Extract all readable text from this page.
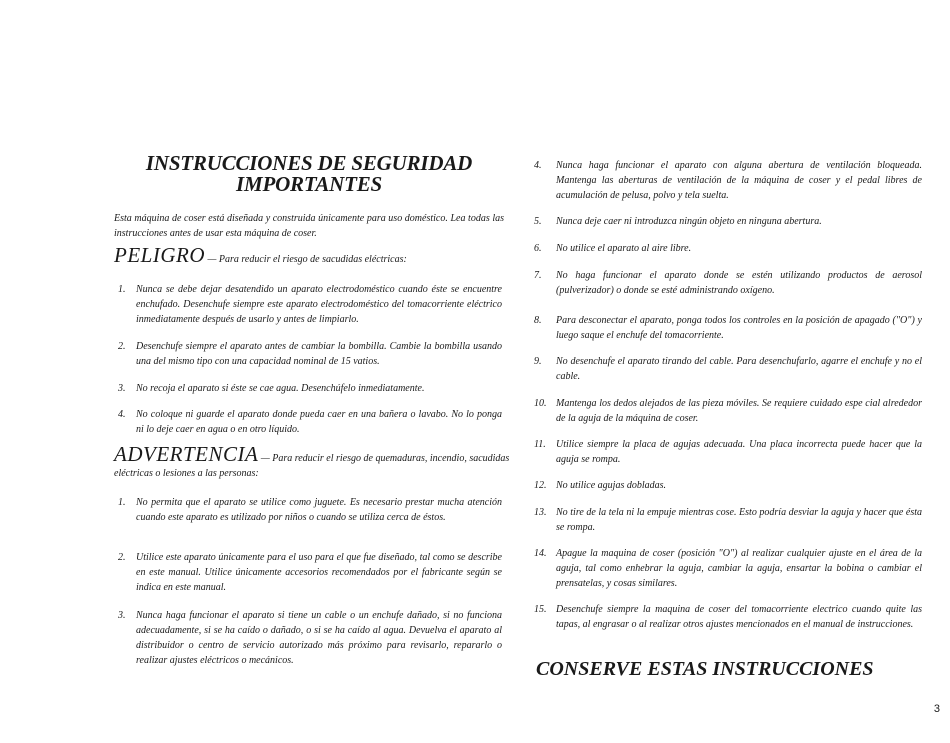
INSTRUCCIONES DE SEGURIDAD
IMPORTANTES
Esta máquina de coser está diseñada y construida únicamente para uso doméstico. Lea todas las instrucciones antes de usar esta máquina de coser.
PELIGRO — Para reducir el riesgo de sacudidas eléctricas:
1.	Nunca se debe dejar desatendido un aparato electrodoméstico cuando éste se encuentre enchufado. Desenchufe siempre este aparato electrodoméstico del tomacorriente eléctrico inmediatamente después de usarlo y antes de limpiarlo.
2.	Desenchufe siempre el aparato antes de cambiar la bombilla. Cambie la bombilla usando una del mismo tipo con una capacidad nominal de 15 vatios.
3.	No recoja el aparato si éste se cae agua. Desenchúfelo inmediatamente.
4.	No coloque ni guarde el aparato donde pueda caer en una bañera o lavabo. No lo ponga ni lo deje caer en agua o en otro líquido.
ADVERTENCIA — Para reducir el riesgo de quemaduras, incendio, sacudidas eléctricas o lesiones a las personas:
1.	No permita que el aparato se utilice como juguete. Es necesario prestar mucha atención cuando este aparato es utilizado por niños o cuando se utiliza cerca de éstos.
2.	Utilice este aparato únicamente para el uso para el que fue diseñado, tal como se describe en este manual. Utilice únicamente accesorios recomendados por el fabricante según se indica en este manual.
3.	Nunca haga funcionar el aparato si tiene un cable o un enchufe dañado, si no funciona adecuadamente, si se ha caído o dañado, o si se ha caído al agua. Devuelva el aparato al distribuidor o centro de servicio autorizado más próximo para revisarlo, repararlo o realizar ajustes eléctricos o mecánicos.
4.	Nunca haga funcionar el aparato con alguna abertura de ventilación bloqueada. Mantenga las aberturas de ventilación de la máquina de coser y el pedal libres de acumulación de pelusa, polvo y tela suelta.
5.	Nunca deje caer ni introduzca ningún objeto en ninguna abertura.
6.	No utilice el aparato al aire libre.
7.	No haga funcionar el aparato donde se estén utilizando productos de aerosol (pulverizador) o donde se esté administrando oxígeno.
8.	Para desconectar el aparato, ponga todos los controles en la posición de apagado ("O") y luego saque el enchufe del tomacorriente.
9.	No desenchufe el aparato tirando del cable. Para desenchufarlo, agarre el enchufe y no el cable.
10. Mantenga los dedos alejados de las pieza móviles. Se requiere cuidado espe cial alrededor de la aguja de la máquina de coser.
11.	Utilice siempre la placa de agujas adecuada. Una placa incorrecta puede hacer que la aguja se rompa.
12. No utilice agujas dobladas.
13. No tire de la tela ni la empuje mientras cose. Esto podría desviar la aguja y hacer que ésta se rompa.
14. Apague la maquina de coser (posición "O") al realizar cualquier ajuste en el área de la aguja, tal como enhebrar la aguja, cambiar la aguja, ensartar la bobina o cambiar el prensatelas, y cosas similares.
15. Desenchufe siempre la maquina de coser del tomacorriente electrico cuando quite las tapas, al engrasar o al realizar otros ajustes mencionados en el manual de instrucciones.
CONSERVE ESTAS INSTRUCCIONES
3
